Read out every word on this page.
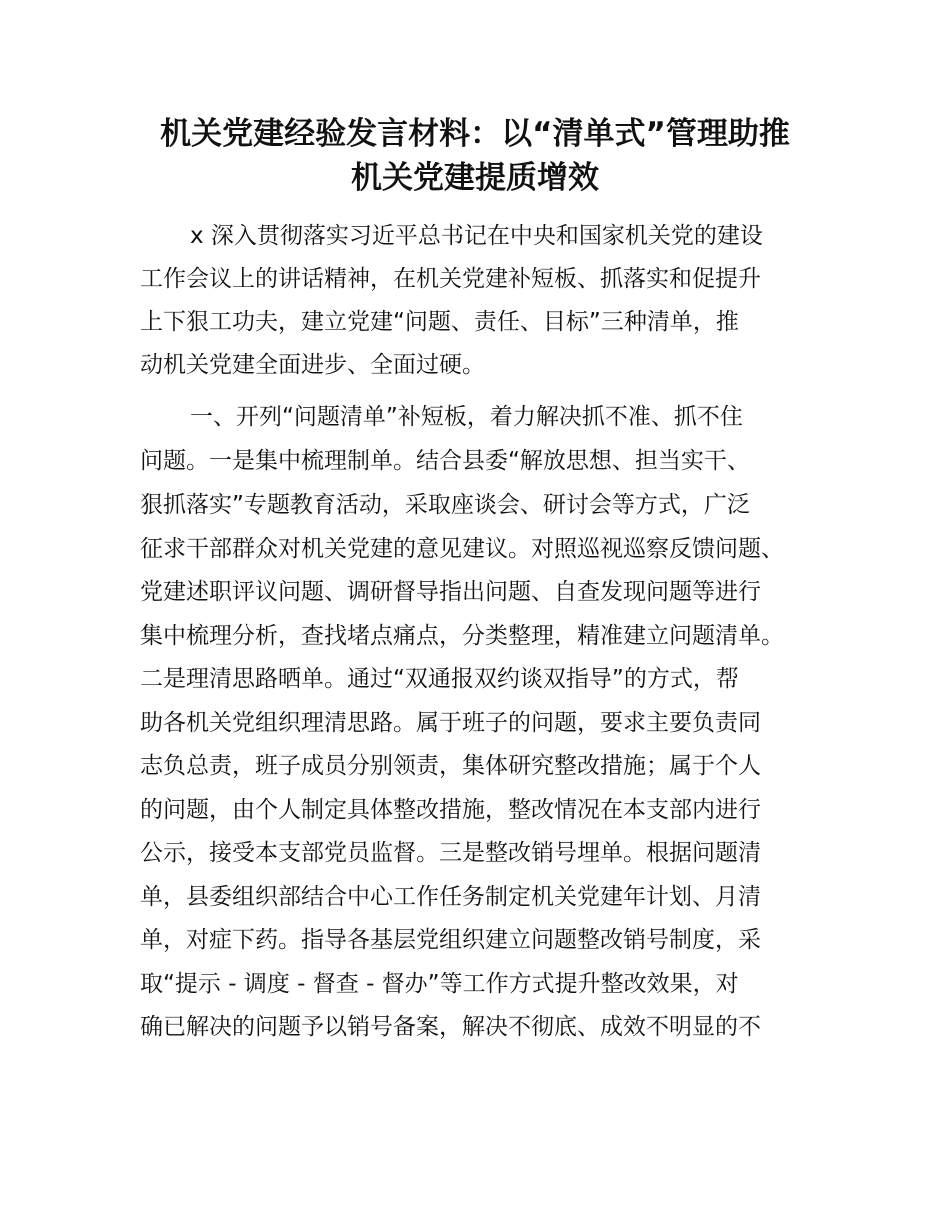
机关党建经验发言材料：以“清单式”管理助推
机关党建提质增效
x 深入贯彻落实习近平总书记在中央和国家机关党的建设
工作会议上的讲话精神，在机关党建补短板、抓落实和促提升
上下狠工功夫，建立党建“问题、责任、目标”三种清单，推
动机关党建全面进步、全面过硬。
一、开列“问题清单”补短板，着力解决抓不准、抓不住
问题。一是集中梳理制单。结合县委“解放思想、担当实干、
狠抓落实”专题教育活动，采取座谈会、研讨会等方式，广泛
征求干部群众对机关党建的意见建议。对照巡视巡察反馈问题、
党建述职评议问题、调研督导指出问题、自查发现问题等进行
集中梳理分析，查找堵点痛点，分类整理，精准建立问题清单。
二是理清思路晒单。通过“双通报双约谈双指导”的方式，帮
助各机关党组织理清思路。属于班子的问题，要求主要负责同
志负总责，班子成员分别领责，集体研究整改措施；属于个人
的问题，由个人制定具体整改措施，整改情况在本支部内进行
公示，接受本支部党员监督。三是整改销号埋单。根据问题清
单，县委组织部结合中心工作任务制定机关党建年计划、月清
单，对症下药。指导各基层党组织建立问题整改销号制度，采
取“提示 - 调度 - 督查 - 督办”等工作方式提升整改效果，对
确已解决的问题予以销号备案，解决不彻底、成效不明显的不
